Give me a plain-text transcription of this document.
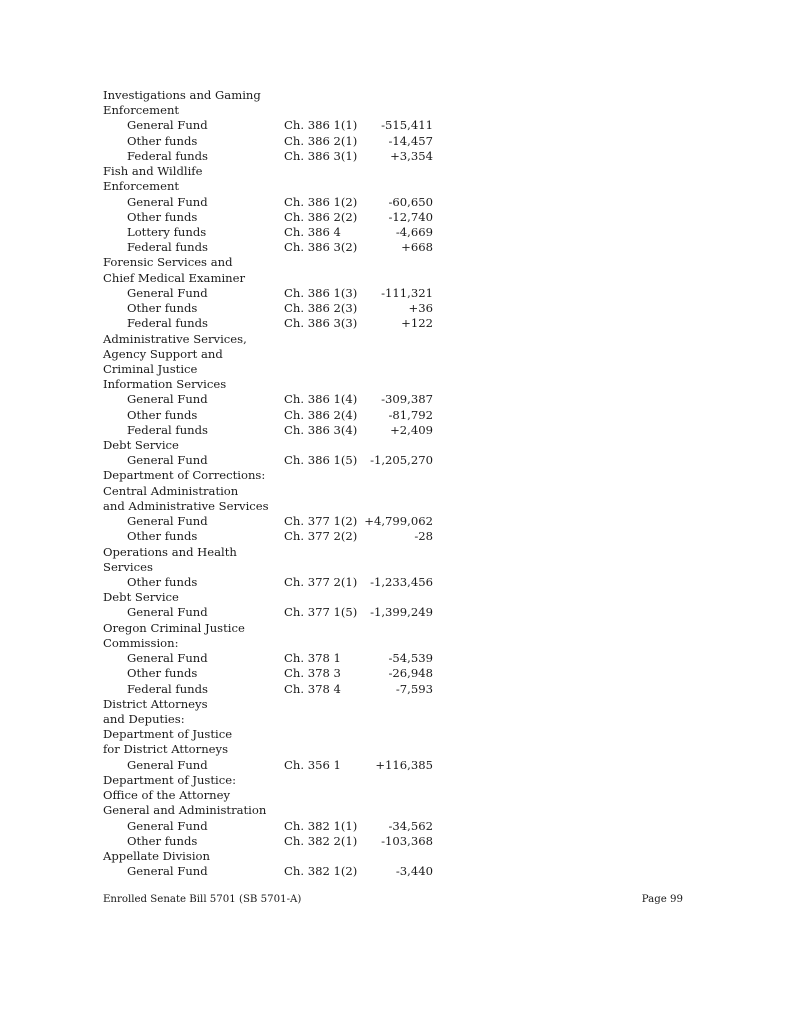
Investigations and Gaming
Enforcement
General Fund	Ch. 386 1(1) -515,411
Other funds	Ch. 386 2(1)	-14,457
Federal funds	Ch. 386 3(1)	+3,354
Fish and Wildlife
Enforcement
General Fund	Ch. 386 1(2)	-60,650
Other funds	Ch. 386 2(2)	-12,740
Lottery funds	Ch. 386 4	-4,669
Federal funds	Ch. 386 3(2)	+668
Forensic Services and
Chief Medical Examiner
General Fund	Ch. 386 1(3) -111,321
Other funds	Ch. 386 2(3)	+36
Federal funds	Ch. 386 3(3)	+122
Administrative Services,
Agency Support and
Criminal Justice
Information Services
General Fund	Ch. 386 1(4) -309,387
Other funds	Ch. 386 2(4)	-81,792
Federal funds	Ch. 386 3(4)	+2,409
Debt Service
General Fund	Ch. 386 1(5) -1,205,270
Department of Corrections:
Central Administration
and Administrative Services
General Fund	Ch. 377 1(2) +4,799,062
Other funds	Ch. 377 2(2)	-28
Operations and Health
Services
Other funds	Ch. 377 2(1) -1,233,456
Debt Service
General Fund	Ch. 377 1(5) -1,399,249
Oregon Criminal Justice
Commission:
General Fund	Ch. 378 1	-54,539
Other funds	Ch. 378 3	-26,948
Federal funds	Ch. 378 4	-7,593
District Attorneys
and Deputies:
Department of Justice
for District Attorneys
General Fund	Ch. 356 1	+116,385
Department of Justice:
Office of the Attorney
General and Administration
General Fund	Ch. 382 1(1)	-34,562
Other funds	Ch. 382 2(1) -103,368
Appellate Division
General Fund	Ch. 382 1(2)	-3,440
Enrolled Senate Bill 5701 (SB 5701-A)	Page 99
